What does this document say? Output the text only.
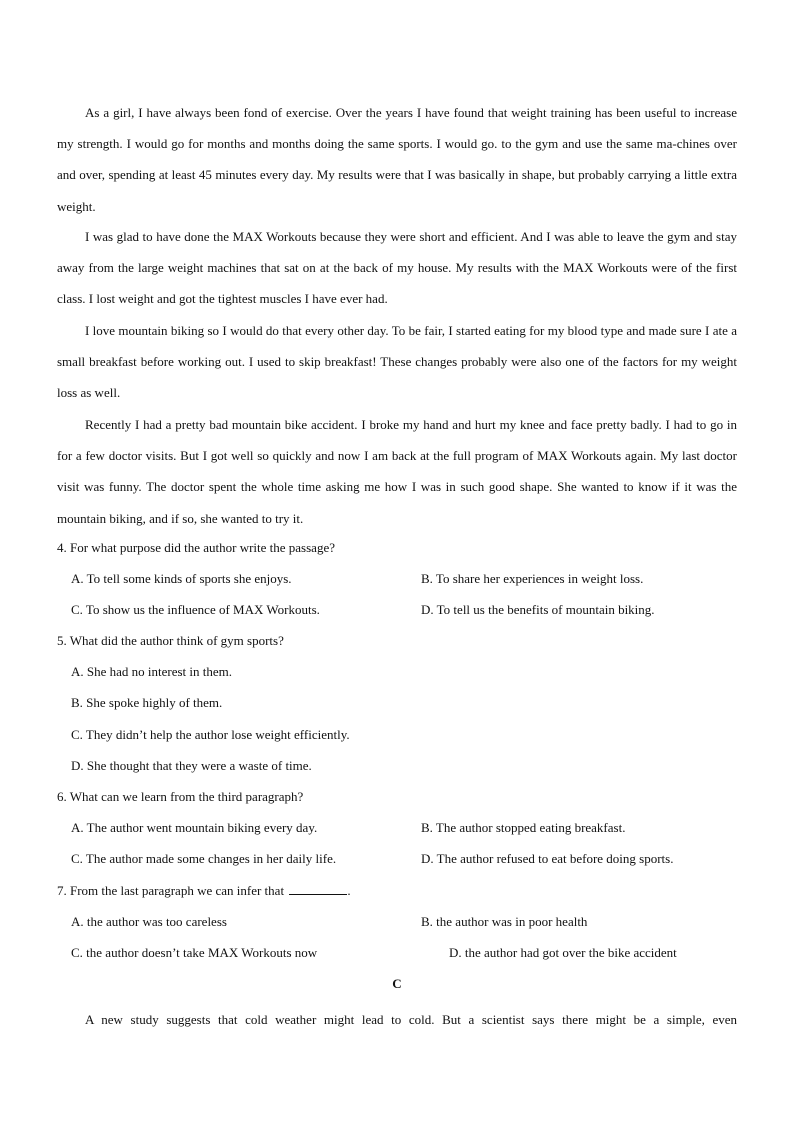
As a girl, I have always been fond of exercise. Over the years I have found that weight training has been useful to increase my strength. I would go for months and months doing the same sports. I would go. to the gym and use the same ma-chines over and over, spending at least 45 minutes every day. My results were that I was basically in shape, but probably carrying a little extra weight.

I was glad to have done the MAX Workouts because they were short and efficient. And I was able to leave the gym and stay away from the large weight machines that sat on at the back of my house. My results with the MAX Workouts were of the first class. I lost weight and got the tightest muscles I have ever had.

I love mountain biking so I would do that every other day. To be fair, I started eating for my blood type and made sure I ate a small breakfast before working out. I used to skip breakfast! These changes probably were also one of the factors for my weight loss as well.

Recently I had a pretty bad mountain bike accident. I broke my hand and hurt my knee and face pretty badly. I had to go in for a few doctor visits. But I got well so quickly and now I am back at the full program of MAX Workouts again. My last doctor visit was funny. The doctor spent the whole time asking me how I was in such good shape. She wanted to know if it was the mountain biking, and if so, she wanted to try it.

4. For what purpose did the author write the passage?
A. To tell some kinds of sports she enjoys.	B. To share her experiences in weight loss.
C. To show us the influence of MAX Workouts.	D. To tell us the benefits of mountain biking.
5. What did the author think of gym sports?
A. She had no interest in them.
B. She spoke highly of them.
C. They didn’t help the author lose weight efficiently.
D. She thought that they were a waste of time.
6. What can we learn from the third paragraph?
A. The author went mountain biking every day.	B. The author stopped eating breakfast.
C. The author made some changes in her daily life.	D. The author refused to eat before doing sports.
7. From the last paragraph we can infer that	.
A. the author was too careless	B. the author was in poor health
C. the author doesn’t take MAX Workouts now	D. the author had got over the bike accident
C

A new study suggests that cold weather might lead to cold. But a scientist says there might be a simple, even
